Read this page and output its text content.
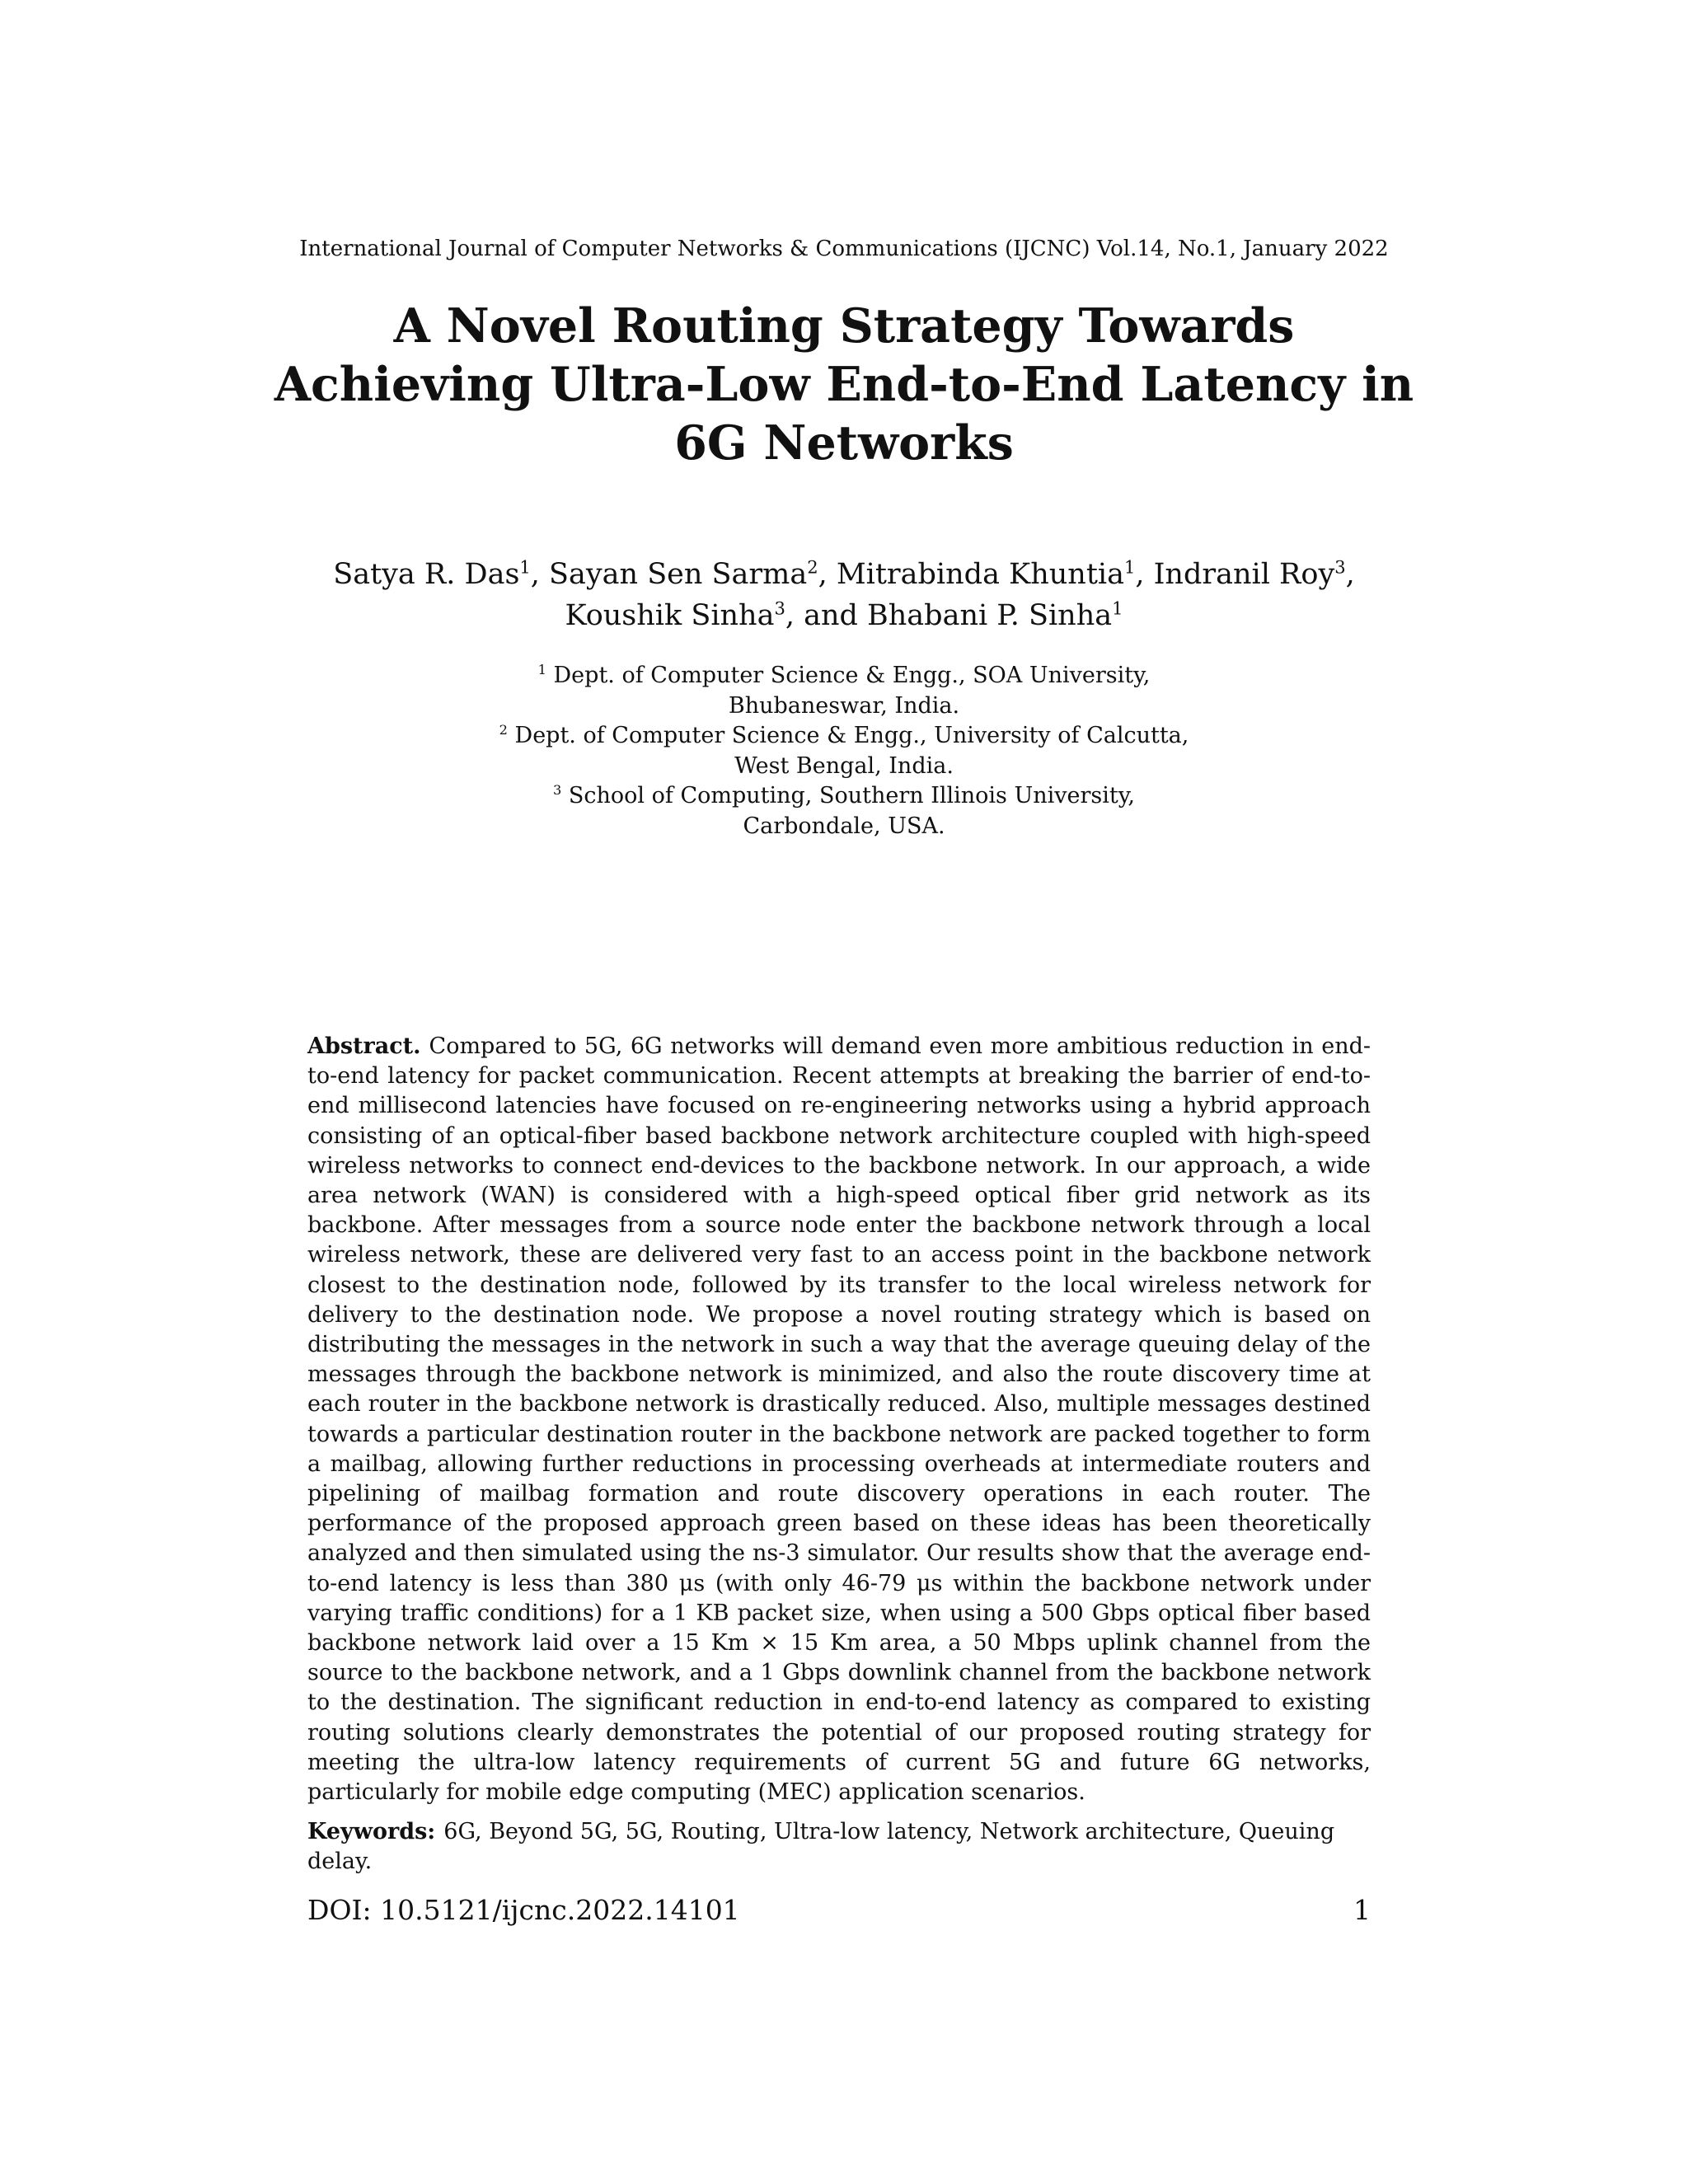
International Journal of Computer Networks & Communications (IJCNC) Vol.14, No.1, January 2022
A Novel Routing Strategy Towards Achieving Ultra-Low End-to-End Latency in 6G Networks
Satya R. Das$^1$, Sayan Sen Sarma$^2$, Mitrabinda Khuntia$^1$, Indranil Roy$^3$,
Koushik Sinha$^3$, and Bhabani P. Sinha$^1$

$^1$ Dept. of Computer Science & Engg., SOA University,
Bhubaneswar, India.

$^2$ Dept. of Computer Science & Engg., University of Calcutta,
West Bengal, India.

$^3$ School of Computing, Southern Illinois University,
Carbondale, USA.

Abstract. Compared to 5G, 6G networks will demand even more ambitious reduction in end-to-end latency for packet communication. Recent attempts at breaking the barrier of end-to-end millisecond latencies have focused on re-engineering networks using a hybrid approach consisting of an optical-fiber based backbone network architecture coupled with high-speed wireless networks to connect end-devices to the backbone network. In our approach, a wide area network (WAN) is considered with a high-speed optical fiber grid network as its backbone. After messages from a source node enter the backbone network through a local wireless network, these are delivered very fast to an access point in the backbone network closest to the destination node, followed by its transfer to the local wireless network for delivery to the destination node. We propose a novel routing strategy which is based on distributing the messages in the network in such a way that the average queuing delay of the messages through the backbone network is minimized, and also the route discovery time at each router in the backbone network is drastically reduced. Also, multiple messages destined towards a particular destination router in the backbone network are packed together to form a mailbag, allowing further reductions in processing overheads at intermediate routers and pipelining of mailbag formation and route discovery operations in each router. The performance of the proposed approach green based on these ideas has been theoretically analyzed and then simulated using the ns-3 simulator. Our results show that the average end-to-end latency is less than 380 μs (with only 46-79 μs within the backbone network under varying traffic conditions) for a 1 KB packet size, when using a 500 Gbps optical fiber based backbone network laid over a 15 Km × 15 Km area, a 50 Mbps uplink channel from the source to the backbone network, and a 1 Gbps downlink channel from the backbone network to the destination. The significant reduction in end-to-end latency as compared to existing routing solutions clearly demonstrates the potential of our proposed routing strategy for meeting the ultra-low latency requirements of current 5G and future 6G networks, particularly for mobile edge computing (MEC) application scenarios.
Keywords: 6G, Beyond 5G, 5G, Routing, Ultra-low latency, Network architecture, Queuing delay.
DOI: 10.5121/ijcnc.2022.14101	1
